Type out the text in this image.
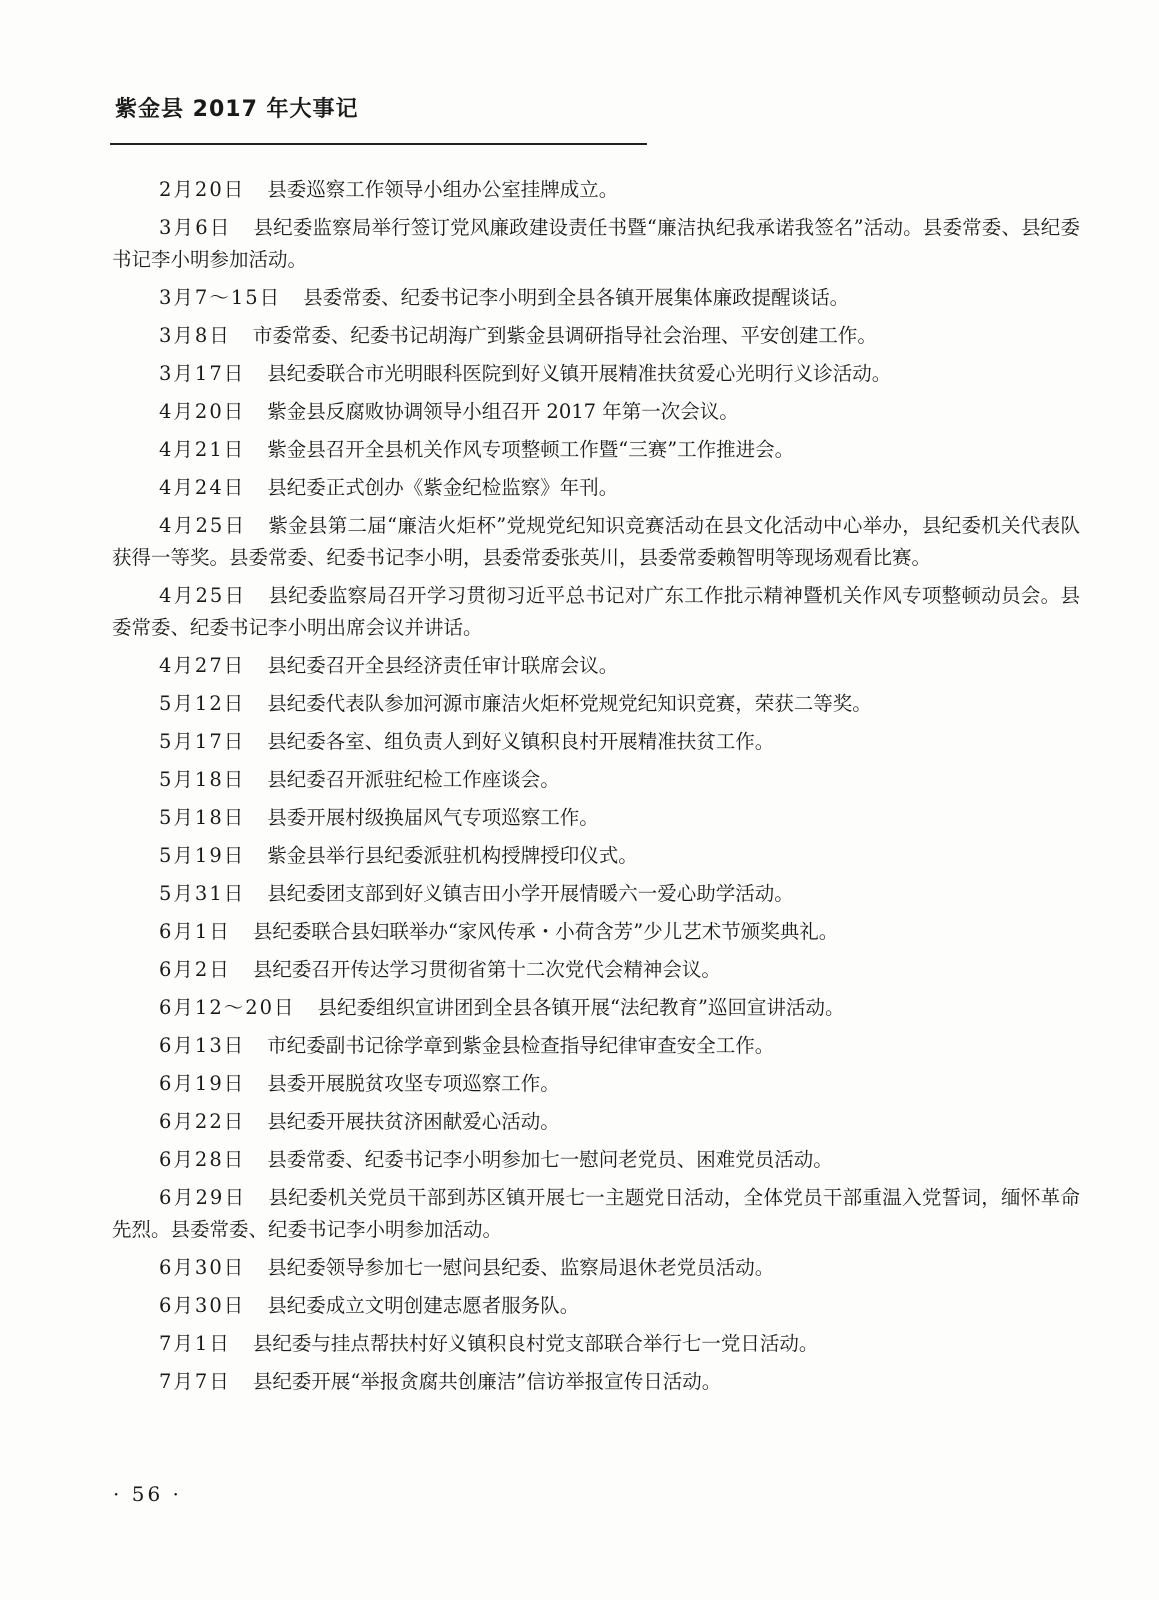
紫金县 2017 年大事记

2月20日 县委巡察工作领导小组办公室挂牌成立。

3月6日 县纪委监察局举行签订党风廉政建设责任书暨“廉洁执纪我承诺我签名”活动。县委常委、县纪委书记李小明参加活动。

3月7～15日 县委常委、纪委书记李小明到全县各镇开展集体廉政提醒谈话。

3月8日 市委常委、纪委书记胡海广到紫金县调研指导社会治理、平安创建工作。

3月17日 县纪委联合市光明眼科医院到好义镇开展精准扶贫爱心光明行义诊活动。

4月20日 紫金县反腐败协调领导小组召开 2017 年第一次会议。

4月21日 紫金县召开全县机关作风专项整顿工作暨“三赛”工作推进会。

4月24日 县纪委正式创办《紫金纪检监察》年刊。

4月25日 紫金县第二届“廉洁火炬杯”党规党纪知识竞赛活动在县文化活动中心举办，县纪委机关代表队获得一等奖。县委常委、纪委书记李小明，县委常委张英川，县委常委赖智明等现场观看比赛。

4月25日 县纪委监察局召开学习贯彻习近平总书记对广东工作批示精神暨机关作风专项整顿动员会。县委常委、纪委书记李小明出席会议并讲话。

4月27日 县纪委召开全县经济责任审计联席会议。

5月12日 县纪委代表队参加河源市廉洁火炬杯党规党纪知识竞赛，荣获二等奖。

5月17日 县纪委各室、组负责人到好义镇积良村开展精准扶贫工作。

5月18日 县纪委召开派驻纪检工作座谈会。

5月18日 县委开展村级换届风气专项巡察工作。

5月19日 紫金县举行县纪委派驻机构授牌授印仪式。

5月31日 县纪委团支部到好义镇吉田小学开展情暖六一爱心助学活动。

6月1日 县纪委联合县妇联举办“家风传承・小荷含芳”少儿艺术节颁奖典礼。

6月2日 县纪委召开传达学习贯彻省第十二次党代会精神会议。

6月12～20日 县纪委组织宣讲团到全县各镇开展“法纪教育”巡回宣讲活动。

6月13日 市纪委副书记徐学章到紫金县检查指导纪律审查安全工作。

6月19日 县委开展脱贫攻坚专项巡察工作。

6月22日 县纪委开展扶贫济困献爱心活动。

6月28日 县委常委、纪委书记李小明参加七一慰问老党员、困难党员活动。

6月29日 县纪委机关党员干部到苏区镇开展七一主题党日活动，全体党员干部重温入党誓词，缅怀革命先烈。县委常委、纪委书记李小明参加活动。

6月30日 县纪委领导参加七一慰问县纪委、监察局退休老党员活动。

6月30日 县纪委成立文明创建志愿者服务队。

7月1日 县纪委与挂点帮扶村好义镇积良村党支部联合举行七一党日活动。

7月7日 县纪委开展“举报贪腐共创廉洁”信访举报宣传日活动。

· 56 ·
